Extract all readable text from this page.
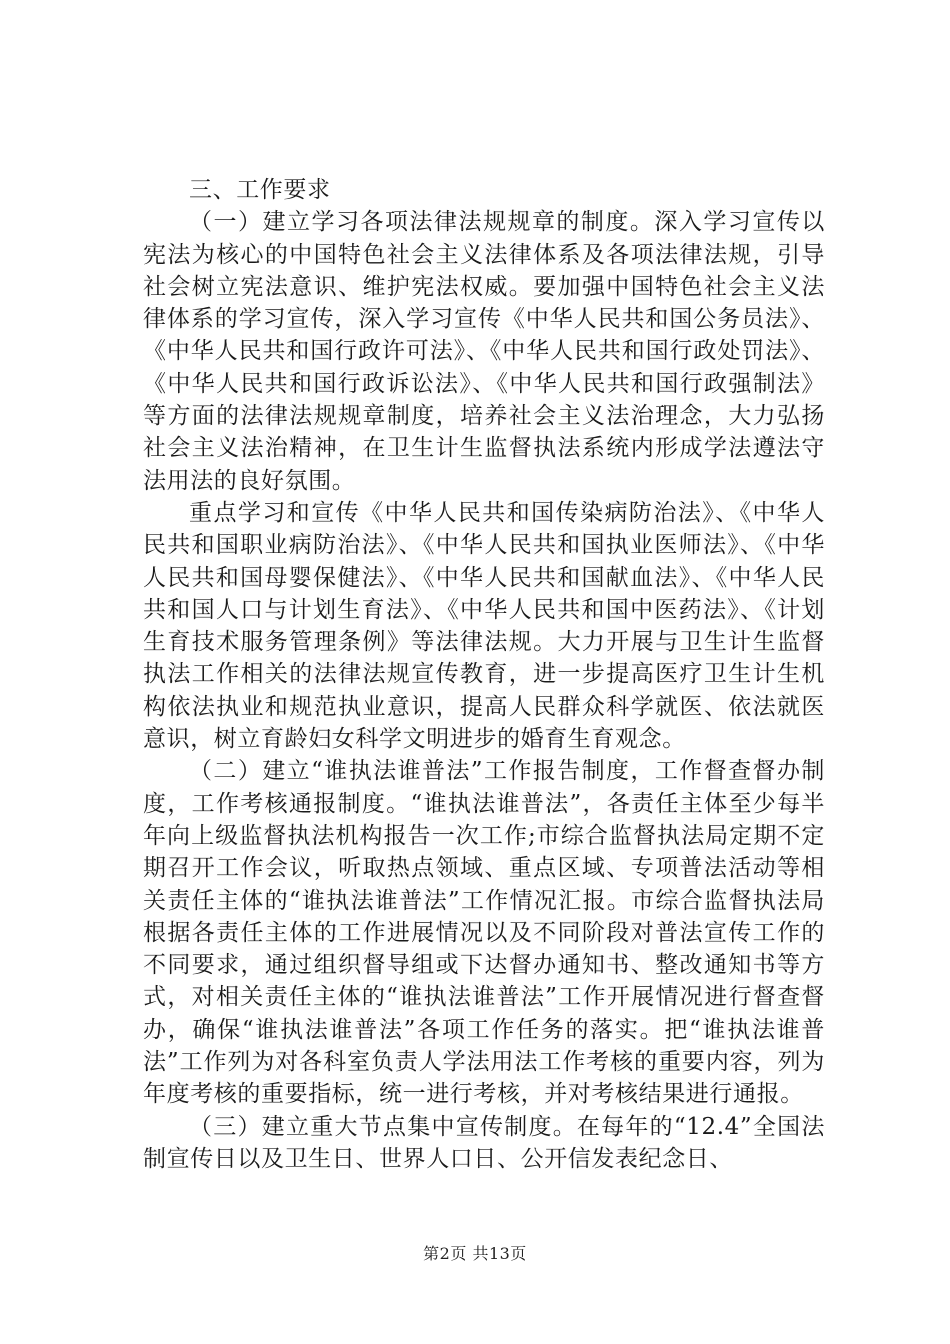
三、工作要求

（一）建立学习各项法律法规规章的制度。深入学习宣传以宪法为核心的中国特色社会主义法律体系及各项法律法规，引导社会树立宪法意识、维护宪法权威。要加强中国特色社会主义法律体系的学习宣传，深入学习宣传《中华人民共和国公务员法》、《中华人民共和国行政许可法》、《中华人民共和国行政处罚法》、《中华人民共和国行政诉讼法》、《中华人民共和国行政强制法》等方面的法律法规规章制度，培养社会主义法治理念，大力弘扬社会主义法治精神，在卫生计生监督执法系统内形成学法遵法守法用法的良好氛围。

重点学习和宣传《中华人民共和国传染病防治法》、《中华人民共和国职业病防治法》、《中华人民共和国执业医师法》、《中华人民共和国母婴保健法》、《中华人民共和国献血法》、《中华人民共和国人口与计划生育法》、《中华人民共和国中医药法》、《计划生育技术服务管理条例》等法律法规。大力开展与卫生计生监督执法工作相关的法律法规宣传教育，进一步提高医疗卫生计生机构依法执业和规范执业意识，提高人民群众科学就医、依法就医意识，树立育龄妇女科学文明进步的婚育生育观念。

（二）建立“谁执法谁普法”工作报告制度，工作督查督办制度，工作考核通报制度。“谁执法谁普法”，各责任主体至少每半年向上级监督执法机构报告一次工作;市综合监督执法局定期不定期召开工作会议，听取热点领域、重点区域、专项普法活动等相关责任主体的“谁执法谁普法”工作情况汇报。市综合监督执法局根据各责任主体的工作进展情况以及不同阶段对普法宣传工作的不同要求，通过组织督导组或下达督办通知书、整改通知书等方式，对相关责任主体的“谁执法谁普法”工作开展情况进行督查督办，确保“谁执法谁普法”各项工作任务的落实。把“谁执法谁普法”工作列为对各科室负责人学法用法工作考核的重要内容，列为年度考核的重要指标，统一进行考核，并对考核结果进行通报。

（三）建立重大节点集中宣传制度。在每年的“12.4”全国法制宣传日以及卫生日、世界人口日、公开信发表纪念日、

第2页 共13页
